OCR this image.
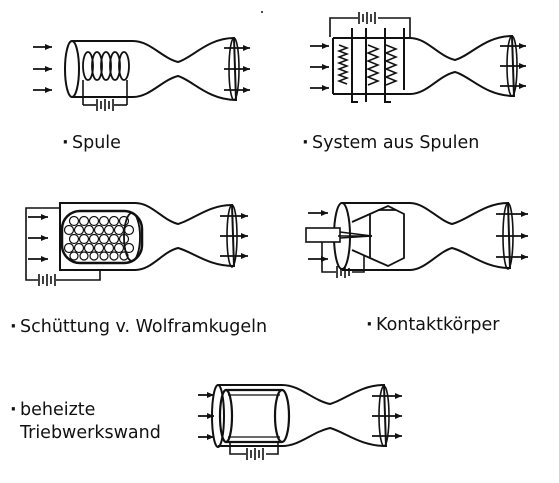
· Spule	· System aus Spulen
· Schüttung v. Wolframkugeln	· Kontaktkörper
· beheizte
Triebwerkswand
